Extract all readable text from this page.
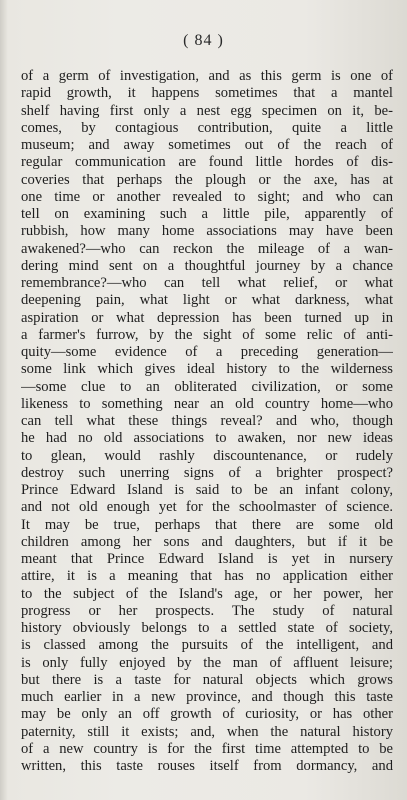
( 84 )
of a germ of investigation, and as this germ is one of
rapid growth, it happens sometimes that a mantel
shelf having first only a nest egg specimen on it, be-
comes, by contagious contribution, quite a little
museum; and away sometimes out of the reach of
regular communication are found little hordes of dis-
coveries that perhaps the plough or the axe, has at
one time or another revealed to sight; and who can
tell on examining such a little pile, apparently of
rubbish, how many home associations may have been
awakened?—who can reckon the mileage of a wan-
dering mind sent on a thoughtful journey by a chance
remembrance?—who can tell what relief, or what
deepening pain, what light or what darkness, what
aspiration or what depression has been turned up in
a farmer's furrow, by the sight of some relic of anti-
quity—some evidence of a preceding generation—
some link which gives ideal history to the wilderness
—some clue to an obliterated civilization, or some
likeness to something near an old country home—who
can tell what these things reveal? and who, though
he had no old associations to awaken, nor new ideas
to glean, would rashly discountenance, or rudely
destroy such unerring signs of a brighter prospect?
Prince Edward Island is said to be an infant colony,
and not old enough yet for the schoolmaster of science.
It may be true, perhaps that there are some old
children among her sons and daughters, but if it be
meant that Prince Edward Island is yet in nursery
attire, it is a meaning that has no application either
to the subject of the Island's age, or her power, her
progress or her prospects. The study of natural
history obviously belongs to a settled state of society,
is classed among the pursuits of the intelligent, and
is only fully enjoyed by the man of affluent leisure;
but there is a taste for natural objects which grows
much earlier in a new province, and though this taste
may be only an off growth of curiosity, or has other
paternity, still it exists; and, when the natural history
of a new country is for the first time attempted to be
written, this taste rouses itself from dormancy, and
